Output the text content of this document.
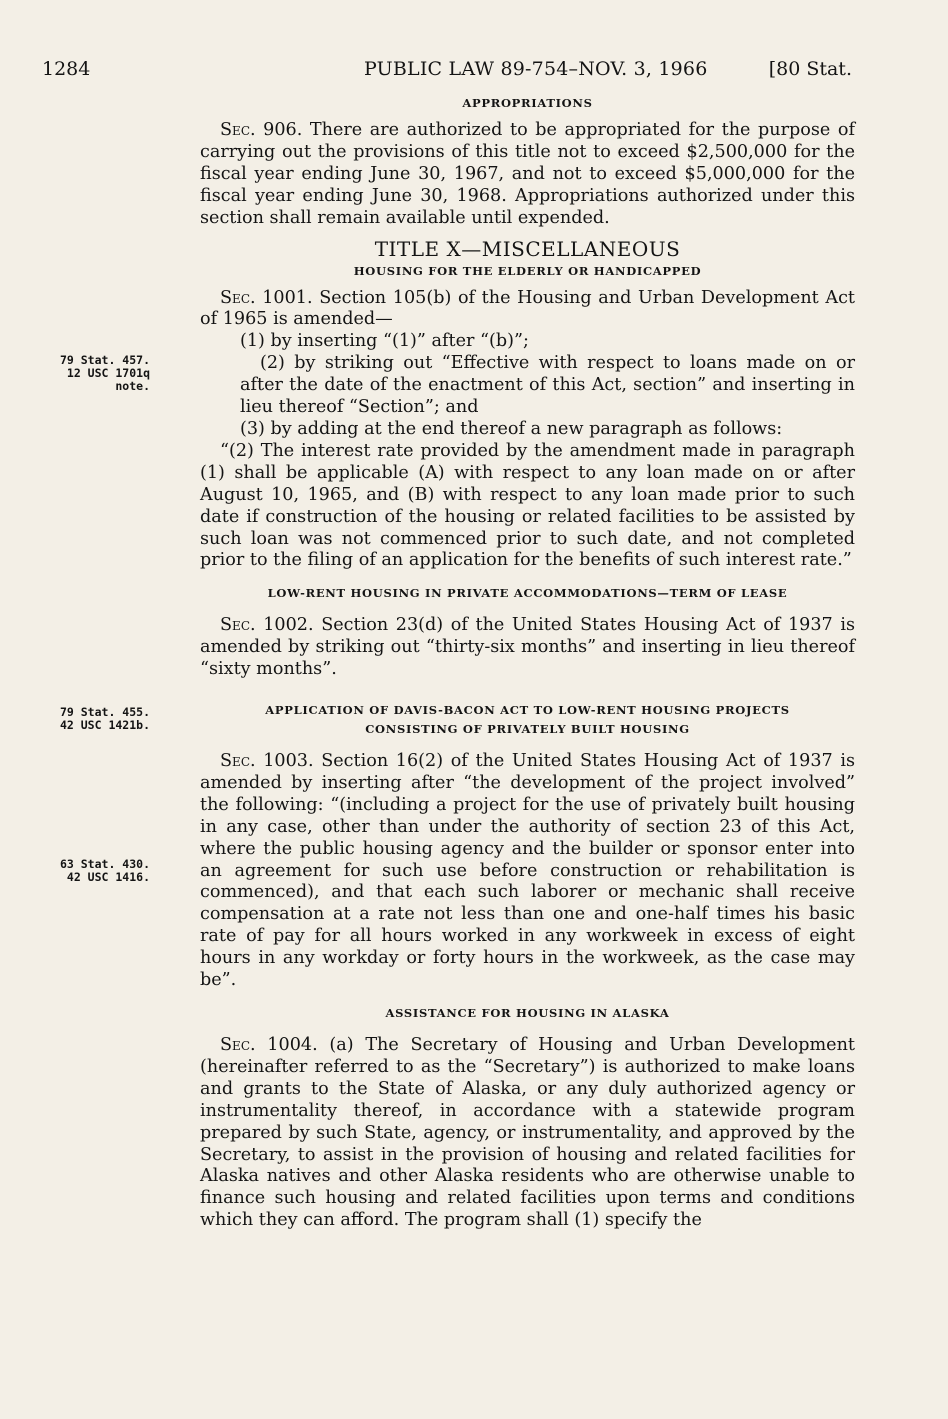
1284	PUBLIC LAW 89-754–NOV. 3, 1966	[80 Stat.
79 Stat. 457.
12 USC 1701q
note.
79 Stat. 455.
42 USC 1421b.
63 Stat. 430.
42 USC 1416.
APPROPRIATIONS

Sec. 906. There are authorized to be appropriated for the purpose of carrying out the provisions of this title not to exceed $2,500,000 for the fiscal year ending June 30, 1967, and not to exceed $5,000,000 for the fiscal year ending June 30, 1968. Appropriations authorized under this section shall remain available until expended.

TITLE X—MISCELLANEOUS
HOUSING FOR THE ELDERLY OR HANDICAPPED

Sec. 1001. Section 105(b) of the Housing and Urban Development Act of 1965 is amended—

(1) by inserting “(1)” after “(b)”;

(2) by striking out “Effective with respect to loans made on or after the date of the enactment of this Act, section” and inserting in lieu thereof “Section”; and

(3) by adding at the end thereof a new paragraph as follows:

“(2) The interest rate provided by the amendment made in paragraph (1) shall be applicable (A) with respect to any loan made on or after August 10, 1965, and (B) with respect to any loan made prior to such date if construction of the housing or related facilities to be assisted by such loan was not commenced prior to such date, and not completed prior to the filing of an application for the benefits of such interest rate.”

LOW-RENT HOUSING IN PRIVATE ACCOMMODATIONS—TERM OF LEASE

Sec. 1002. Section 23(d) of the United States Housing Act of 1937 is amended by striking out “thirty-six months” and inserting in lieu thereof “sixty months”.

APPLICATION OF DAVIS-BACON ACT TO LOW-RENT HOUSING PROJECTS
CONSISTING OF PRIVATELY BUILT HOUSING

Sec. 1003. Section 16(2) of the United States Housing Act of 1937 is amended by inserting after “the development of the project involved” the following: “(including a project for the use of privately built housing in any case, other than under the authority of section 23 of this Act, where the public housing agency and the builder or sponsor enter into an agreement for such use before construction or rehabilitation is commenced), and that each such laborer or mechanic shall receive compensation at a rate not less than one and one-half times his basic rate of pay for all hours worked in any workweek in excess of eight hours in any workday or forty hours in the workweek, as the case may be”.

ASSISTANCE FOR HOUSING IN ALASKA

Sec. 1004. (a) The Secretary of Housing and Urban Development (hereinafter referred to as the “Secretary”) is authorized to make loans and grants to the State of Alaska, or any duly authorized agency or instrumentality thereof, in accordance with a statewide program prepared by such State, agency, or instrumentality, and approved by the Secretary, to assist in the provision of housing and related facilities for Alaska natives and other Alaska residents who are otherwise unable to finance such housing and related facilities upon terms and conditions which they can afford. The program shall (1) specify the
